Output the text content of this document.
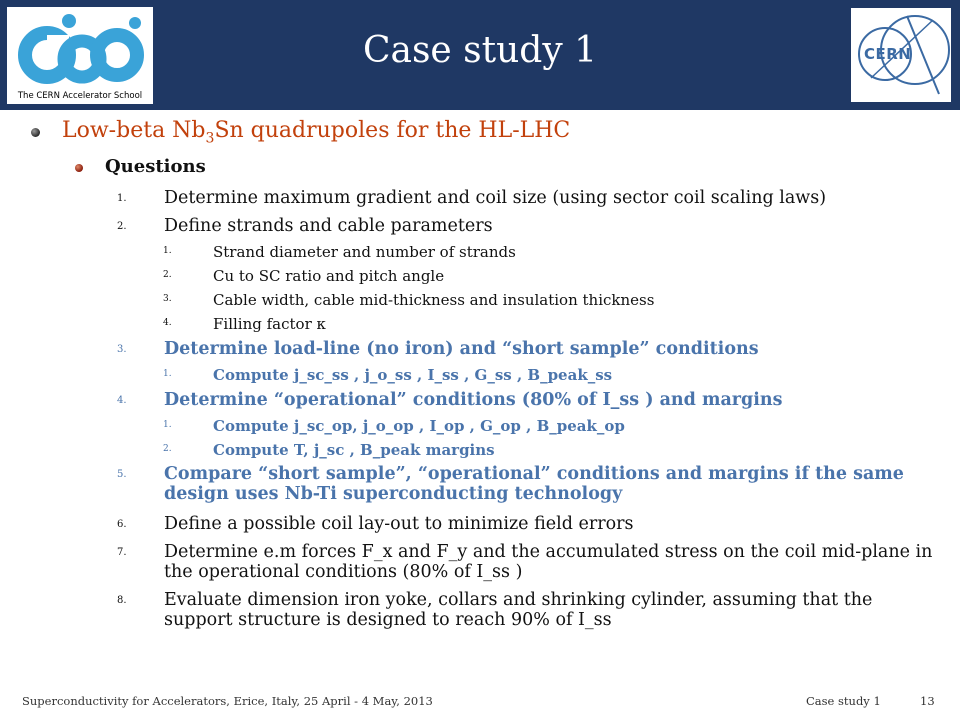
The CERN Accelerator School
Case study 1	CERN
Low-beta $Nb_3Sn$ quadrupoles for the HL-LHC
Questions
1. Determine maximum gradient and coil size (using sector coil scaling laws)
2. Define strands and cable parameters
1.	Strand diameter and number of strands
2.	Cu to SC ratio and pitch angle
3.	Cable width, cable mid-thickness and insulation thickness
4.	Filling factor κ
3. Determine load-line (no iron) and “short sample” conditions
1.	Compute j_sc_ss , j_o_ss , I_ss , G_ss , B_peak_ss
4. Determine “operational” conditions (80% of I_ss ) and margins
1.	Compute j_sc_op, j_o_op , I_op , G_op , B_peak_op
2.	Compute T, j_sc , B_peak margins
5. Compare “short sample”, “operational” conditions and margins if the same design uses Nb-Ti superconducting technology
6. Define a possible coil lay-out to minimize field errors
7. Determine e.m forces F_x and F_y and the accumulated stress on the coil mid-plane in the operational conditions (80% of I_ss )
8. Evaluate dimension iron yoke, collars and shrinking cylinder, assuming that the support structure is designed to reach 90% of I_ss
Superconductivity for Accelerators, Erice, Italy, 25 April - 4 May, 2013	Case study 1	13
